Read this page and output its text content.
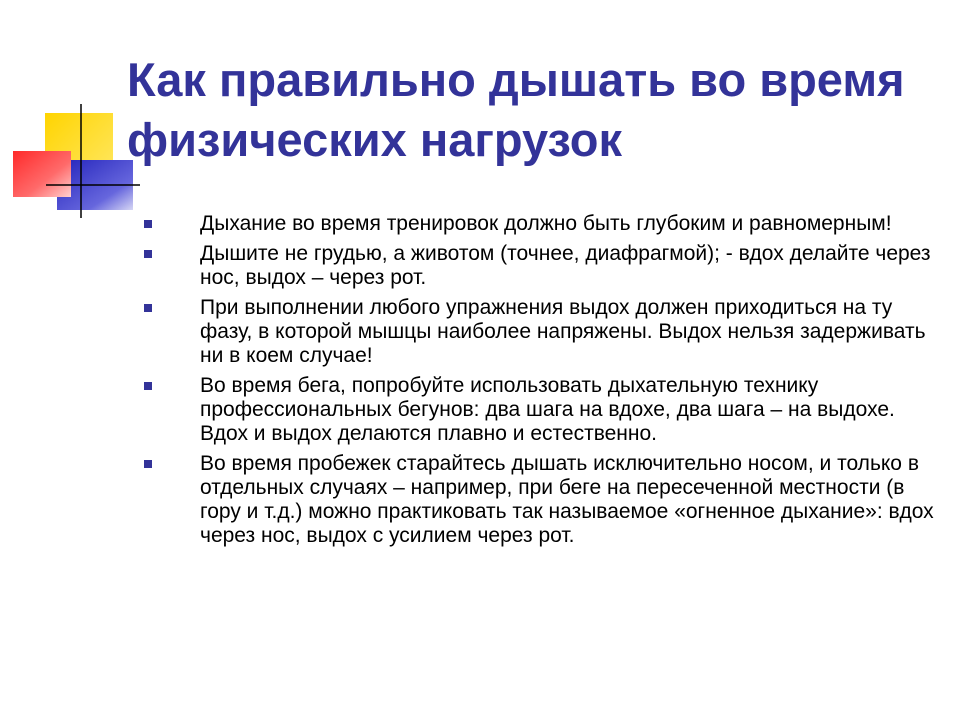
Как правильно дышать во время физических нагрузок
Дыхание во время тренировок должно быть глубоким и равномерным!
Дышите не грудью, а животом (точнее, диафрагмой); - вдох делайте через нос, выдох – через рот.
При выполнении любого упражнения выдох должен приходиться на ту фазу, в которой мышцы наиболее напряжены. Выдох нельзя задерживать ни в коем случае!
Во время бега, попробуйте использовать дыхательную технику профессиональных бегунов: два шага на вдохе, два шага – на выдохе. Вдох и выдох делаются плавно и естественно.
Во время пробежек старайтесь дышать исключительно носом, и только в отдельных случаях – например, при беге на пересеченной местности (в гору и т.д.) можно практиковать так называемое «огненное дыхание»: вдох через нос, выдох с усилием через рот.
